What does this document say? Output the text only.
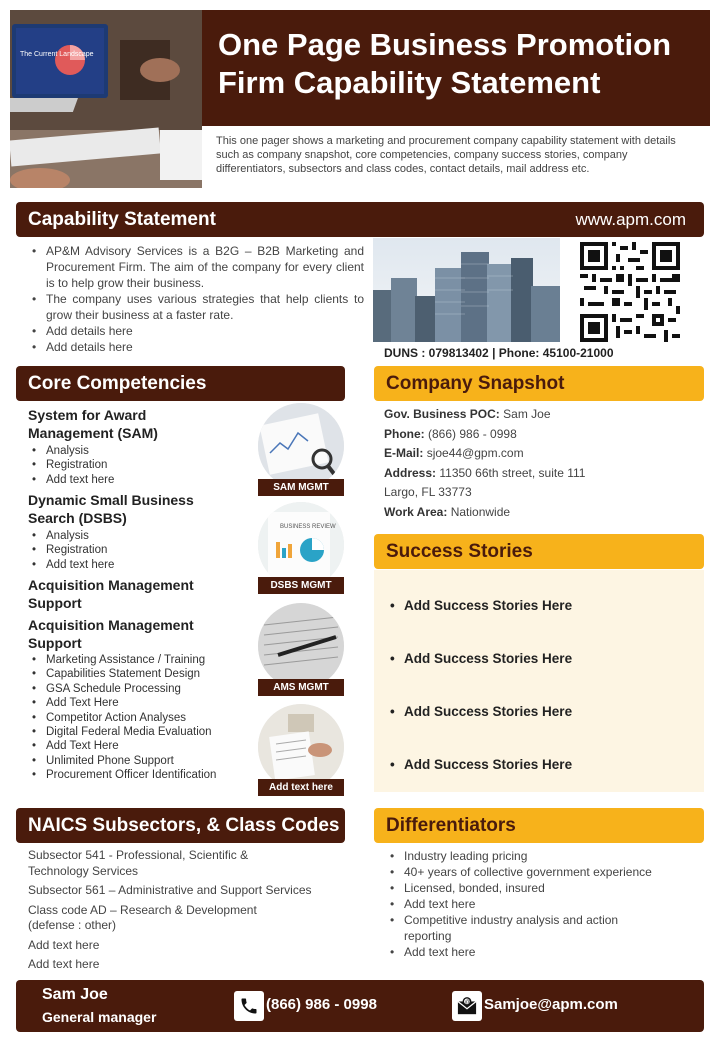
The Current Landscape	One Page Business Promotion Firm Capability Statement
This one pager shows a marketing and procurement company capability statement with details such as company snapshot, core competencies, company success stories, company differentiators, subsectors and class codes, contact details, mail address etc.
Capability Statement	www.apm.com
• AP&M Advisory Services is a B2G – B2B Marketing and Procurement Firm. The aim of the company for every client is to help grow their business.
• The company uses various strategies that help clients to grow their business at a faster rate.
• Add details here
• Add details here	DUNS : 079813402 | Phone: 45100-21000
Core Competencies
System for Award Management (SAM)
• Analysis
• Registration
• Add text here
Dynamic Small Business Search (DSBS)
• Analysis
• Registration
• Add text here
Acquisition Management Support
Acquisition Management Support
• Marketing Assistance / Training
• Capabilities Statement Design
• GSA Schedule Processing
• Add Text Here
• Competitor Action Analyses
• Digital Federal Media Evaluation
• Add Text Here
• Unlimited Phone Support
• Procurement Officer Identification
SAM MGMT
BUSINESS REVIEW
DSBS MGMT
AMS MGMT
Add text here
Company Snapshot
Gov. Business POC: Sam Joe
Phone: (866) 986 - 0998
E-Mail: sjoe44@gpm.com
Address: 11350 66th street, suite 111
Largo, FL 33773
Work Area: Nationwide
Success Stories
• Add Success Stories Here
• Add Success Stories Here
• Add Success Stories Here
• Add Success Stories Here
NAICS Subsectors, & Class Codes
Subsector 541 - Professional, Scientific & Technology Services
Subsector 561 – Administrative and Support Services
Class code AD – Research & Development (defense : other)
Add text here
Add text here
Differentiators
• Industry leading pricing
• 40+ years of collective government experience
• Licensed, bonded, insured
• Add text here
• Competitive industry analysis and action reporting
• Add text here
Sam Joe
General manager
(866) 986 - 0998	@ Samjoe@apm.com
